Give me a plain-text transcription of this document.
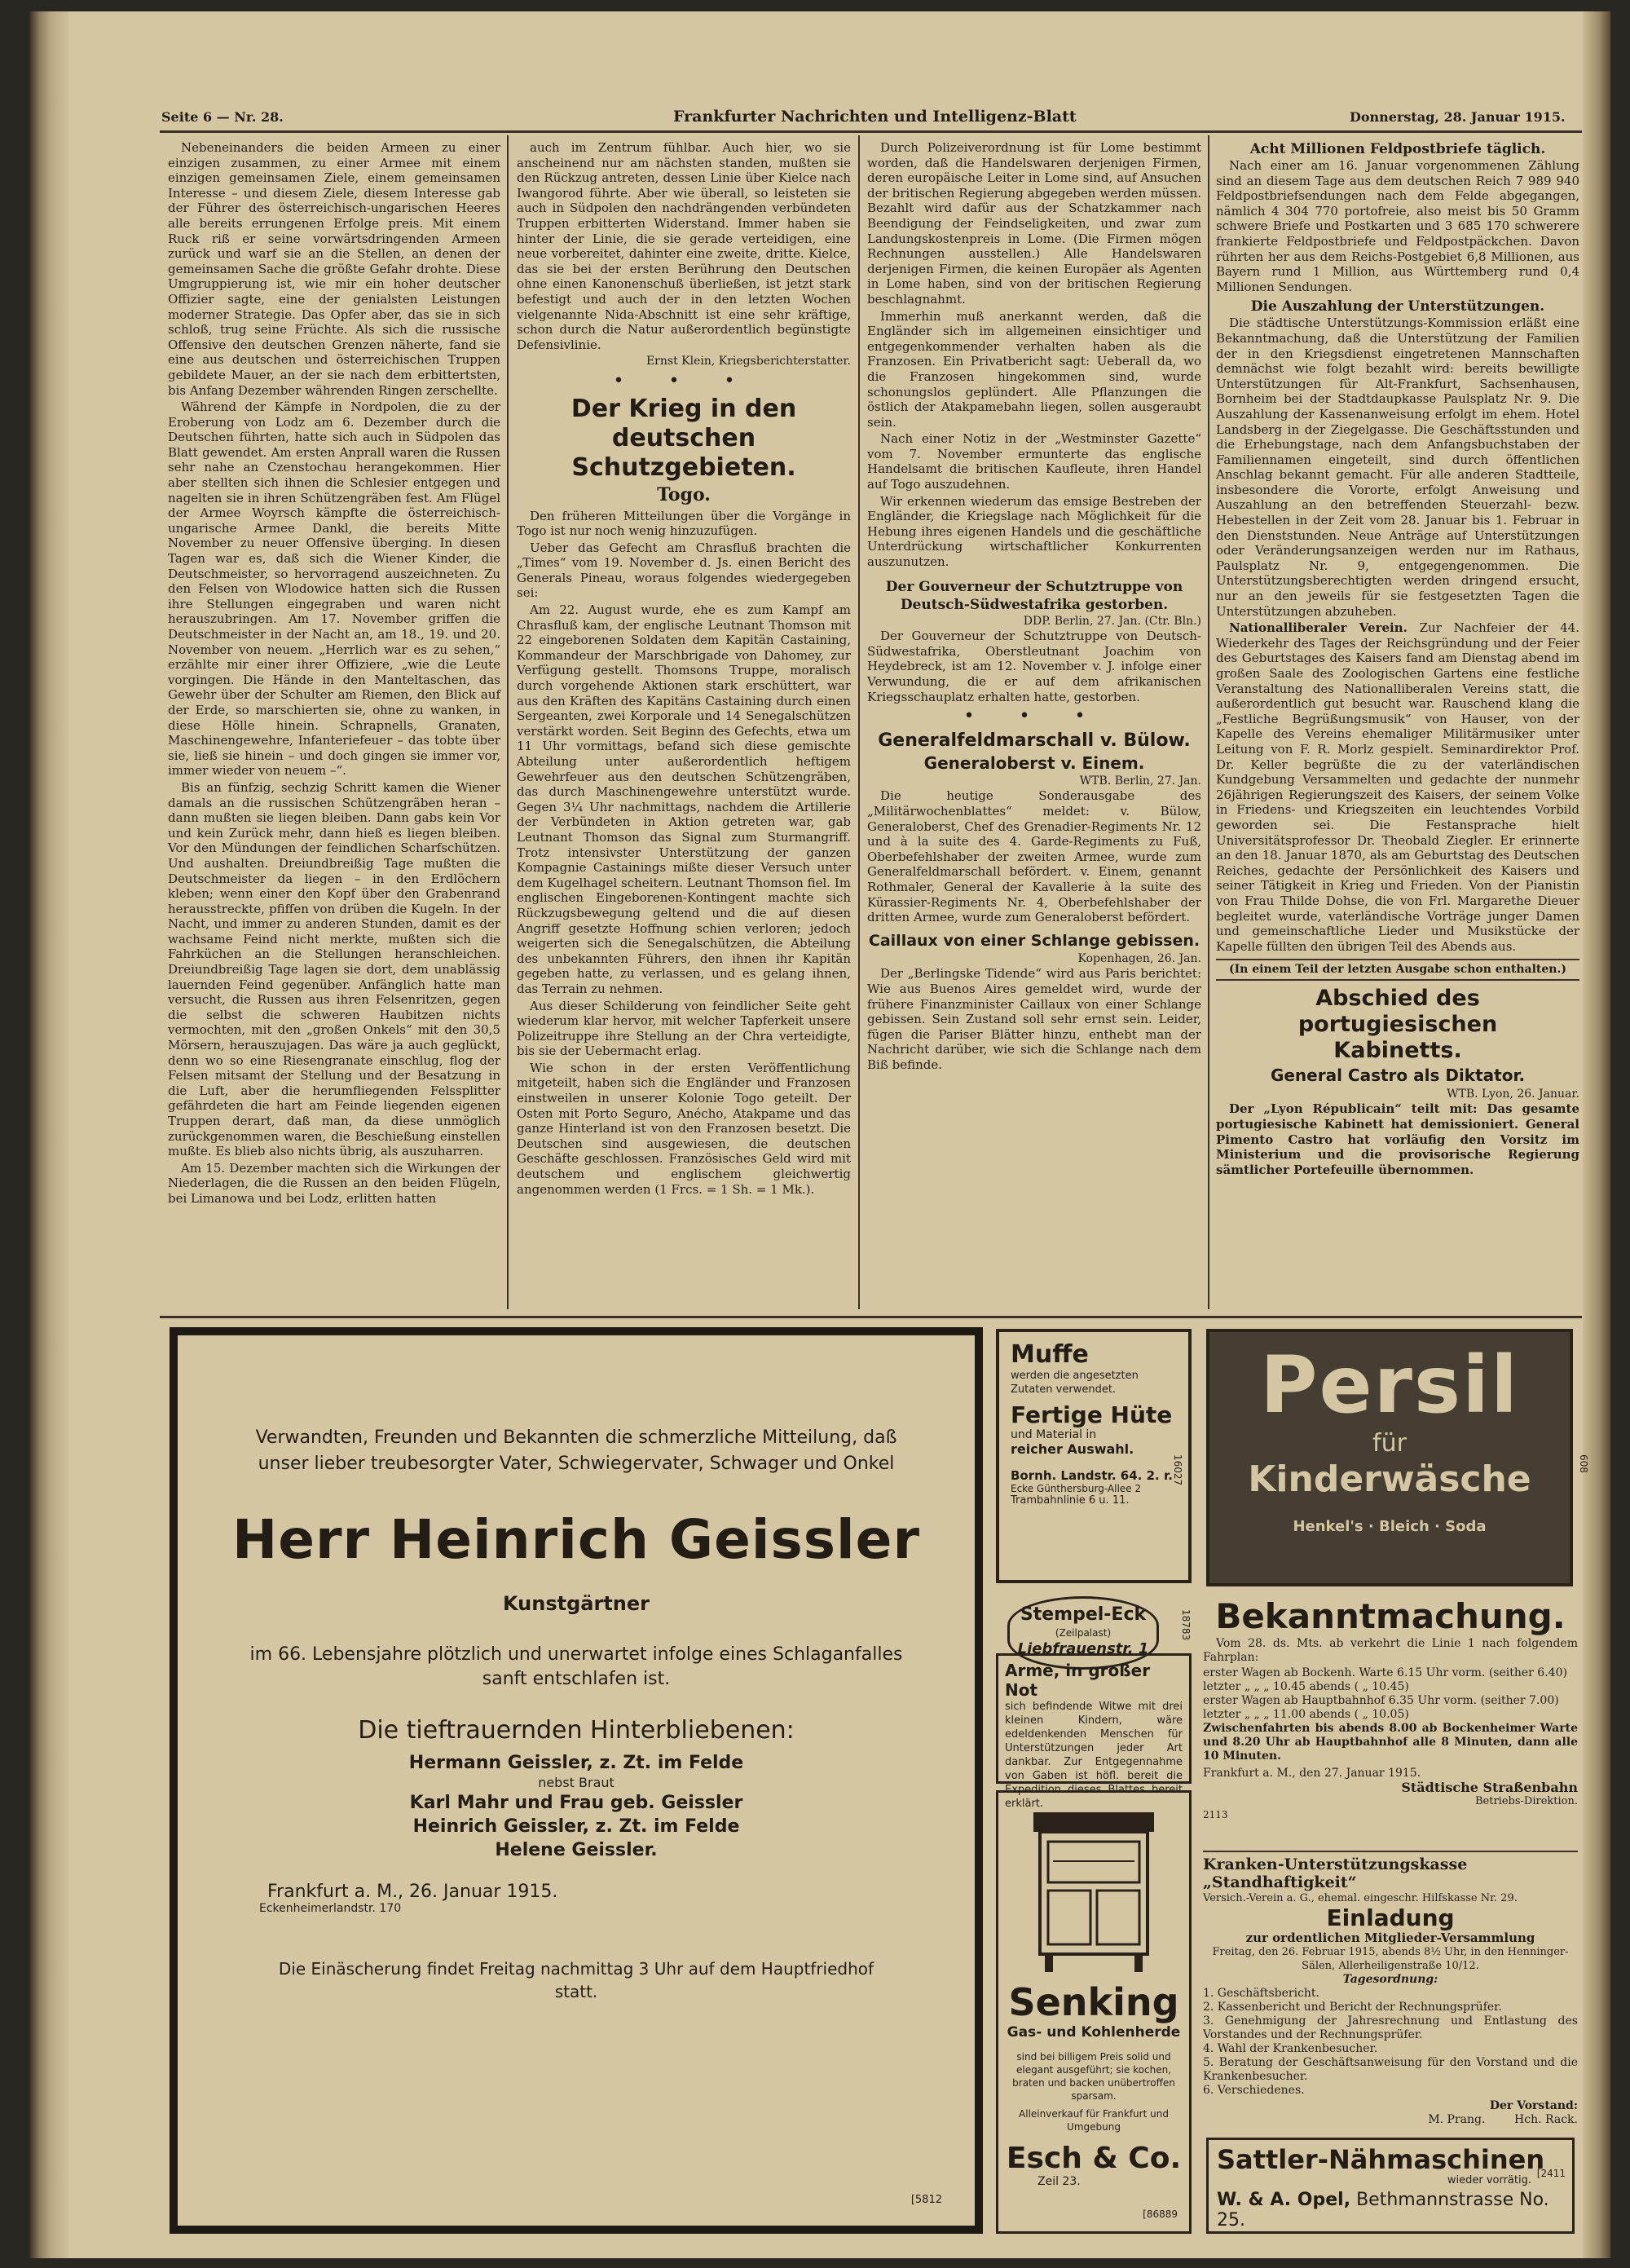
Seite 6 — Nr. 28.	Frankfurter Nachrichten und Intelligenz-Blatt	Donnerstag, 28. Januar 1915.

Nebeneinanders die beiden Armeen zu einer einzigen zusammen, zu einer Armee mit einem einzigen gemeinsamen Ziele, einem gemeinsamen Interesse – und diesem Ziele, diesem Interesse gab der Führer des österreichisch-ungarischen Heeres alle bereits errungenen Erfolge preis. Mit einem Ruck riß er seine vorwärtsdringenden Armeen zurück und warf sie an die Stellen, an denen der gemeinsamen Sache die größte Gefahr drohte. Diese Umgruppierung ist, wie mir ein hoher deutscher Offizier sagte, eine der genialsten Leistungen moderner Strategie. Das Opfer aber, das sie in sich schloß, trug seine Früchte. Als sich die russische Offensive den deutschen Grenzen näherte, fand sie eine aus deutschen und österreichischen Truppen gebildete Mauer, an der sie nach dem erbittertsten, bis Anfang Dezember währenden Ringen zerschellte.

Während der Kämpfe in Nordpolen, die zu der Eroberung von Lodz am 6. Dezember durch die Deutschen führten, hatte sich auch in Südpolen das Blatt gewendet. Am ersten Anprall waren die Russen sehr nahe an Czenstochau herangekommen. Hier aber stellten sich ihnen die Schlesier entgegen und nagelten sie in ihren Schützengräben fest. Am Flügel der Armee Woyrsch kämpfte die österreichisch-ungarische Armee Dankl, die bereits Mitte November zu neuer Offensive überging. In diesen Tagen war es, daß sich die Wiener Kinder, die Deutschmeister, so hervorragend auszeichneten. Zu den Felsen von Wlodowice hatten sich die Russen ihre Stellungen eingegraben und waren nicht herauszubringen. Am 17. November griffen die Deutschmeister in der Nacht an, am 18., 19. und 20. November von neuem. „Herrlich war es zu sehen,“ erzählte mir einer ihrer Offiziere, „wie die Leute vorgingen. Die Hände in den Manteltaschen, das Gewehr über der Schulter am Riemen, den Blick auf der Erde, so marschierten sie, ohne zu wanken, in diese Hölle hinein. Schrapnells, Granaten, Maschinengewehre, Infanteriefeuer – das tobte über sie, ließ sie hinein – und doch gingen sie immer vor, immer wieder von neuem –“.

Bis an fünfzig, sechzig Schritt kamen die Wiener damals an die russischen Schützengräben heran – dann mußten sie liegen bleiben. Dann gabs kein Vor und kein Zurück mehr, dann hieß es liegen bleiben. Vor den Mündungen der feindlichen Scharfschützen. Und aushalten. Dreiundbreißig Tage mußten die Deutschmeister da liegen – in den Erdlöchern kleben; wenn einer den Kopf über den Grabenrand herausstreckte, pfiffen von drüben die Kugeln. In der Nacht, und immer zu anderen Stunden, damit es der wachsame Feind nicht merkte, mußten sich die Fahrküchen an die Stellungen heranschleichen. Dreiundbreißig Tage lagen sie dort, dem unablässig lauernden Feind gegenüber. Anfänglich hatte man versucht, die Russen aus ihren Felsenritzen, gegen die selbst die schweren Haubitzen nichts vermochten, mit den „großen Onkels“ mit den 30,5 Mörsern, herauszujagen. Das wäre ja auch geglückt, denn wo so eine Riesengranate einschlug, flog der Felsen mitsamt der Stellung und der Besatzung in die Luft, aber die herumfliegenden Felssplitter gefährdeten die hart am Feinde liegenden eigenen Truppen derart, daß man, da diese unmöglich zurückgenommen waren, die Beschießung einstellen mußte. Es blieb also nichts übrig, als auszuharren.

Am 15. Dezember machten sich die Wirkungen der Niederlagen, die die Russen an den beiden Flügeln, bei Limanowa und bei Lodz, erlitten hatten

auch im Zentrum fühlbar. Auch hier, wo sie anscheinend nur am nächsten standen, mußten sie den Rückzug antreten, dessen Linie über Kielce nach Iwangorod führte. Aber wie überall, so leisteten sie auch in Südpolen den nachdrängenden verbündeten Truppen erbitterten Widerstand. Immer haben sie hinter der Linie, die sie gerade verteidigen, eine neue vorbereitet, dahinter eine zweite, dritte. Kielce, das sie bei der ersten Berührung den Deutschen ohne einen Kanonenschuß überließen, ist jetzt stark befestigt und auch der in den letzten Wochen vielgenannte Nida-Abschnitt ist eine sehr kräftige, schon durch die Natur außerordentlich begünstigte Defensivlinie.

Ernst Klein, Kriegsberichterstatter.
• • •
Der Krieg in den
deutschen Schutzgebieten.
Togo.

Den früheren Mitteilungen über die Vorgänge in Togo ist nur noch wenig hinzuzufügen.

Ueber das Gefecht am Chrasfluß brachten die „Times“ vom 19. November d. Js. einen Bericht des Generals Pineau, woraus folgendes wiedergegeben sei:

Am 22. August wurde, ehe es zum Kampf am Chrasfluß kam, der englische Leutnant Thomson mit 22 eingeborenen Soldaten dem Kapitän Castaining, Kommandeur der Marschbrigade von Dahomey, zur Verfügung gestellt. Thomsons Truppe, moralisch durch vorgehende Aktionen stark erschüttert, war aus den Kräften des Kapitäns Castaining durch einen Sergeanten, zwei Korporale und 14 Senegalschützen verstärkt worden. Seit Beginn des Gefechts, etwa um 11 Uhr vormittags, befand sich diese gemischte Abteilung unter außerordentlich heftigem Gewehrfeuer aus den deutschen Schützengräben, das durch Maschinengewehre unterstützt wurde. Gegen 3¼ Uhr nachmittags, nachdem die Artillerie der Verbündeten in Aktion getreten war, gab Leutnant Thomson das Signal zum Sturmangriff. Trotz intensivster Unterstützung der ganzen Kompagnie Castainings mißte dieser Versuch unter dem Kugelhagel scheitern. Leutnant Thomson fiel. Im englischen Eingeborenen-Kontingent machte sich Rückzugsbewegung geltend und die auf diesen Angriff gesetzte Hoffnung schien verloren; jedoch weigerten sich die Senegalschützen, die Abteilung des unbekannten Führers, den ihnen ihr Kapitän gegeben hatte, zu verlassen, und es gelang ihnen, das Terrain zu nehmen.

Aus dieser Schilderung von feindlicher Seite geht wiederum klar hervor, mit welcher Tapferkeit unsere Polizeitruppe ihre Stellung an der Chra verteidigte, bis sie der Uebermacht erlag.

Wie schon in der ersten Veröffentlichung mitgeteilt, haben sich die Engländer und Franzosen einstweilen in unserer Kolonie Togo geteilt. Der Osten mit Porto Seguro, Anécho, Atakpame und das ganze Hinterland ist von den Franzosen besetzt. Die Deutschen sind ausgewiesen, die deutschen Geschäfte geschlossen. Französisches Geld wird mit deutschem und englischem gleichwertig angenommen werden (1 Frcs. = 1 Sh. = 1 Mk.).

Durch Polizeiverordnung ist für Lome bestimmt worden, daß die Handelswaren derjenigen Firmen, deren europäische Leiter in Lome sind, auf Ansuchen der britischen Regierung abgegeben werden müssen. Bezahlt wird dafür aus der Schatzkammer nach Beendigung der Feindseligkeiten, und zwar zum Landungskostenpreis in Lome. (Die Firmen mögen Rechnungen ausstellen.) Alle Handelswaren derjenigen Firmen, die keinen Europäer als Agenten in Lome haben, sind von der britischen Regierung beschlagnahmt.

Immerhin muß anerkannt werden, daß die Engländer sich im allgemeinen einsichtiger und entgegenkommender verhalten haben als die Franzosen. Ein Privatbericht sagt: Ueberall da, wo die Franzosen hingekommen sind, wurde schonungslos geplündert. Alle Pflanzungen die östlich der Atakpamebahn liegen, sollen ausgeraubt sein.

Nach einer Notiz in der „Westminster Gazette“ vom 7. November ermunterte das englische Handelsamt die britischen Kaufleute, ihren Handel auf Togo auszudehnen.

Wir erkennen wiederum das emsige Bestreben der Engländer, die Kriegslage nach Möglichkeit für die Hebung ihres eigenen Handels und die geschäftliche Unterdrückung wirtschaftlicher Konkurrenten auszunutzen.

Der Gouverneur der Schutztruppe von Deutsch-Südwestafrika gestorben.
DDP. Berlin, 27. Jan. (Ctr. Bln.)

Der Gouverneur der Schutztruppe von Deutsch-Südwestafrika, Oberstleutnant Joachim von Heydebreck, ist am 12. November v. J. infolge einer Verwundung, die er auf dem afrikanischen Kriegsschauplatz erhalten hatte, gestorben.

• • •
Generalfeldmarschall v. Bülow.
Generaloberst v. Einem.
WTB. Berlin, 27. Jan.

Die heutige Sonderausgabe des „Militärwochenblattes“ meldet: v. Bülow, Generaloberst, Chef des Grenadier-Regiments Nr. 12 und à la suite des 4. Garde-Regiments zu Fuß, Oberbefehlshaber der zweiten Armee, wurde zum Generalfeldmarschall befördert. v. Einem, genannt Rothmaler, General der Kavallerie à la suite des Kürassier-Regiments Nr. 4, Oberbefehlshaber der dritten Armee, wurde zum Generaloberst befördert.

Caillaux von einer Schlange gebissen.
Kopenhagen, 26. Jan.

Der „Berlingske Tidende“ wird aus Paris berichtet: Wie aus Buenos Aires gemeldet wird, wurde der frühere Finanzminister Caillaux von einer Schlange gebissen. Sein Zustand soll sehr ernst sein. Leider, fügen die Pariser Blätter hinzu, enthebt man der Nachricht darüber, wie sich die Schlange nach dem Biß befinde.

Acht Millionen Feldpostbriefe täglich.

Nach einer am 16. Januar vorgenommenen Zählung sind an diesem Tage aus dem deutschen Reich 7 989 940 Feldpostbriefsendungen nach dem Felde abgegangen, nämlich 4 304 770 portofreie, also meist bis 50 Gramm schwere Briefe und Postkarten und 3 685 170 schwerere frankierte Feldpostbriefe und Feldpostpäckchen. Davon rührten her aus dem Reichs-Postgebiet 6,8 Millionen, aus Bayern rund 1 Million, aus Württemberg rund 0,4 Millionen Sendungen.

Die Auszahlung der Unterstützungen.

Die städtische Unterstützungs-Kommission erläßt eine Bekanntmachung, daß die Unterstützung der Familien der in den Kriegsdienst eingetretenen Mannschaften demnächst wie folgt bezahlt wird: bereits bewilligte Unterstützungen für Alt-Frankfurt, Sachsenhausen, Bornheim bei der Stadtdaupkasse Paulsplatz Nr. 9. Die Auszahlung der Kassenanweisung erfolgt im ehem. Hotel Landsberg in der Ziegelgasse. Die Geschäftsstunden und die Erhebungstage, nach dem Anfangsbuchstaben der Familiennamen eingeteilt, sind durch öffentlichen Anschlag bekannt gemacht. Für alle anderen Stadtteile, insbesondere die Vororte, erfolgt Anweisung und Auszahlung an den betreffenden Steuerzahl- bezw. Hebestellen in der Zeit vom 28. Januar bis 1. Februar in den Dienststunden. Neue Anträge auf Unterstützungen oder Veränderungsanzeigen werden nur im Rathaus, Paulsplatz Nr. 9, entgegengenommen. Die Unterstützungsberechtigten werden dringend ersucht, nur an den jeweils für sie festgesetzten Tagen die Unterstützungen abzuheben.

Nationalliberaler Verein. Zur Nachfeier der 44. Wiederkehr des Tages der Reichsgründung und der Feier des Geburtstages des Kaisers fand am Dienstag abend im großen Saale des Zoologischen Gartens eine festliche Veranstaltung des Nationalliberalen Vereins statt, die außerordentlich gut besucht war. Rauschend klang die „Festliche Begrüßungsmusik“ von Hauser, von der Kapelle des Vereins ehemaliger Militärmusiker unter Leitung von F. R. Morlz gespielt. Seminardirektor Prof. Dr. Keller begrüßte die zu der vaterländischen Kundgebung Versammelten und gedachte der nunmehr 26jährigen Regierungszeit des Kaisers, der seinem Volke in Friedens- und Kriegszeiten ein leuchtendes Vorbild geworden sei. Die Festansprache hielt Universitätsprofessor Dr. Theobald Ziegler. Er erinnerte an den 18. Januar 1870, als am Geburtstag des Deutschen Reiches, gedachte der Persönlichkeit des Kaisers und seiner Tätigkeit in Krieg und Frieden. Von der Pianistin von Frau Thilde Dohse, die von Frl. Margarethe Dieuer begleitet wurde, vaterländische Vorträge junger Damen und gemeinschaftliche Lieder und Musikstücke der Kapelle füllten den übrigen Teil des Abends aus.

(In einem Teil der letzten Ausgabe schon enthalten.)
Abschied des portugiesischen
Kabinetts.
General Castro als Diktator.
WTB. Lyon, 26. Januar.

Der „Lyon Républicain“ teilt mit: Das gesamte portugiesische Kabinett hat demissioniert. General Pimento Castro hat vorläufig den Vorsitz im Ministerium und die provisorische Regierung sämtlicher Portefeuille übernommen.

Verwandten, Freunden und Bekannten die schmerzliche Mitteilung, daß unser lieber treubesorgter Vater, Schwiegervater, Schwager und Onkel
Herr Heinrich Geissler
Kunstgärtner
im 66. Lebensjahre plötzlich und unerwartet infolge eines Schlaganfalles sanft entschlafen ist.
Die tieftrauernden Hinterbliebenen:
Hermann Geissler, z. Zt. im Felde
nebst Braut
Karl Mahr und Frau geb. Geissler
Heinrich Geissler, z. Zt. im Felde
Helene Geissler.
Frankfurt a. M., 26. Januar 1915.
Eckenheimerlandstr. 170
Die Einäscherung findet Freitag nachmittag 3 Uhr auf dem Hauptfriedhof statt.
[5812
Muffe
werden die angesetzten
Zutaten verwendet.
Fertige Hüte
und Material in
reicher Auswahl.
Bornh. Landstr. 64. 2. r.
Ecke Günthersburg-Allee 2
Trambahnlinie 6 u. 11.
16027
Persil
für
Kinderwäsche
Henkel's · Bleich · Soda
608
Stempel-Eck
(Zeilpalast)
Liebfrauenstr. 1
18783
Arme, in großer Not
sich befindende Witwe mit drei kleinen Kindern, wäre edeldenkenden Menschen für Unterstützungen jeder Art dankbar. Zur Entgegennahme von Gaben ist höfl. bereit die Expedition dieses Blattes bereit erklärt.
Senking
Gas- und Kohlenherde
sind bei billigem Preis solid und elegant ausgeführt; sie kochen, braten und backen unübertroffen sparsam.
Alleinverkauf für Frankfurt und Umgebung
Esch & Co.
Zeil 23.
[86889
Bekanntmachung.

Vom 28. ds. Mts. ab verkehrt die Linie 1 nach folgendem Fahrplan:

erster Wagen ab Bockenh. Warte 6.15 Uhr vorm. (seither 6.40)
letzter „ „ „ 10.45 abends ( „ 10.45)
erster Wagen ab Hauptbahnhof 6.35 Uhr vorm. (seither 7.00)
letzter „ „ „ 11.00 abends ( „ 10.05)
Zwischenfahrten bis abends 8.00 ab Bockenheimer Warte und 8.20 Uhr ab Hauptbahnhof alle 8 Minuten, dann alle 10 Minuten.
Frankfurt a. M., den 27. Januar 1915.
Städtische Straßenbahn
Betriebs-Direktion.
2113
Kranken-Unterstützungskasse „Standhaftigkeit“
Versich.-Verein a. G., ehemal. eingeschr. Hilfskasse Nr. 29.
Einladung
zur ordentlichen Mitglieder-Versammlung
Freitag, den 26. Februar 1915, abends 8½ Uhr, in den Henninger-Sälen, Allerheiligenstraße 10/12.
Tagesordnung:
1. Geschäftsbericht.
2. Kassenbericht und Bericht der Rechnungsprüfer.
3. Genehmigung der Jahresrechnung und Entlastung des Vorstandes und der Rechnungsprüfer.
4. Wahl der Krankenbesucher.
5. Beratung der Geschäftsanweisung für den Vorstand und die Krankenbesucher.
6. Verschiedenes.
Der Vorstand:
M. Prang.        Hch. Rack.
Sattler-Nähmaschinen
wieder vorrätig.
W. & A. Opel, Bethmannstrasse No. 25.
[2411
